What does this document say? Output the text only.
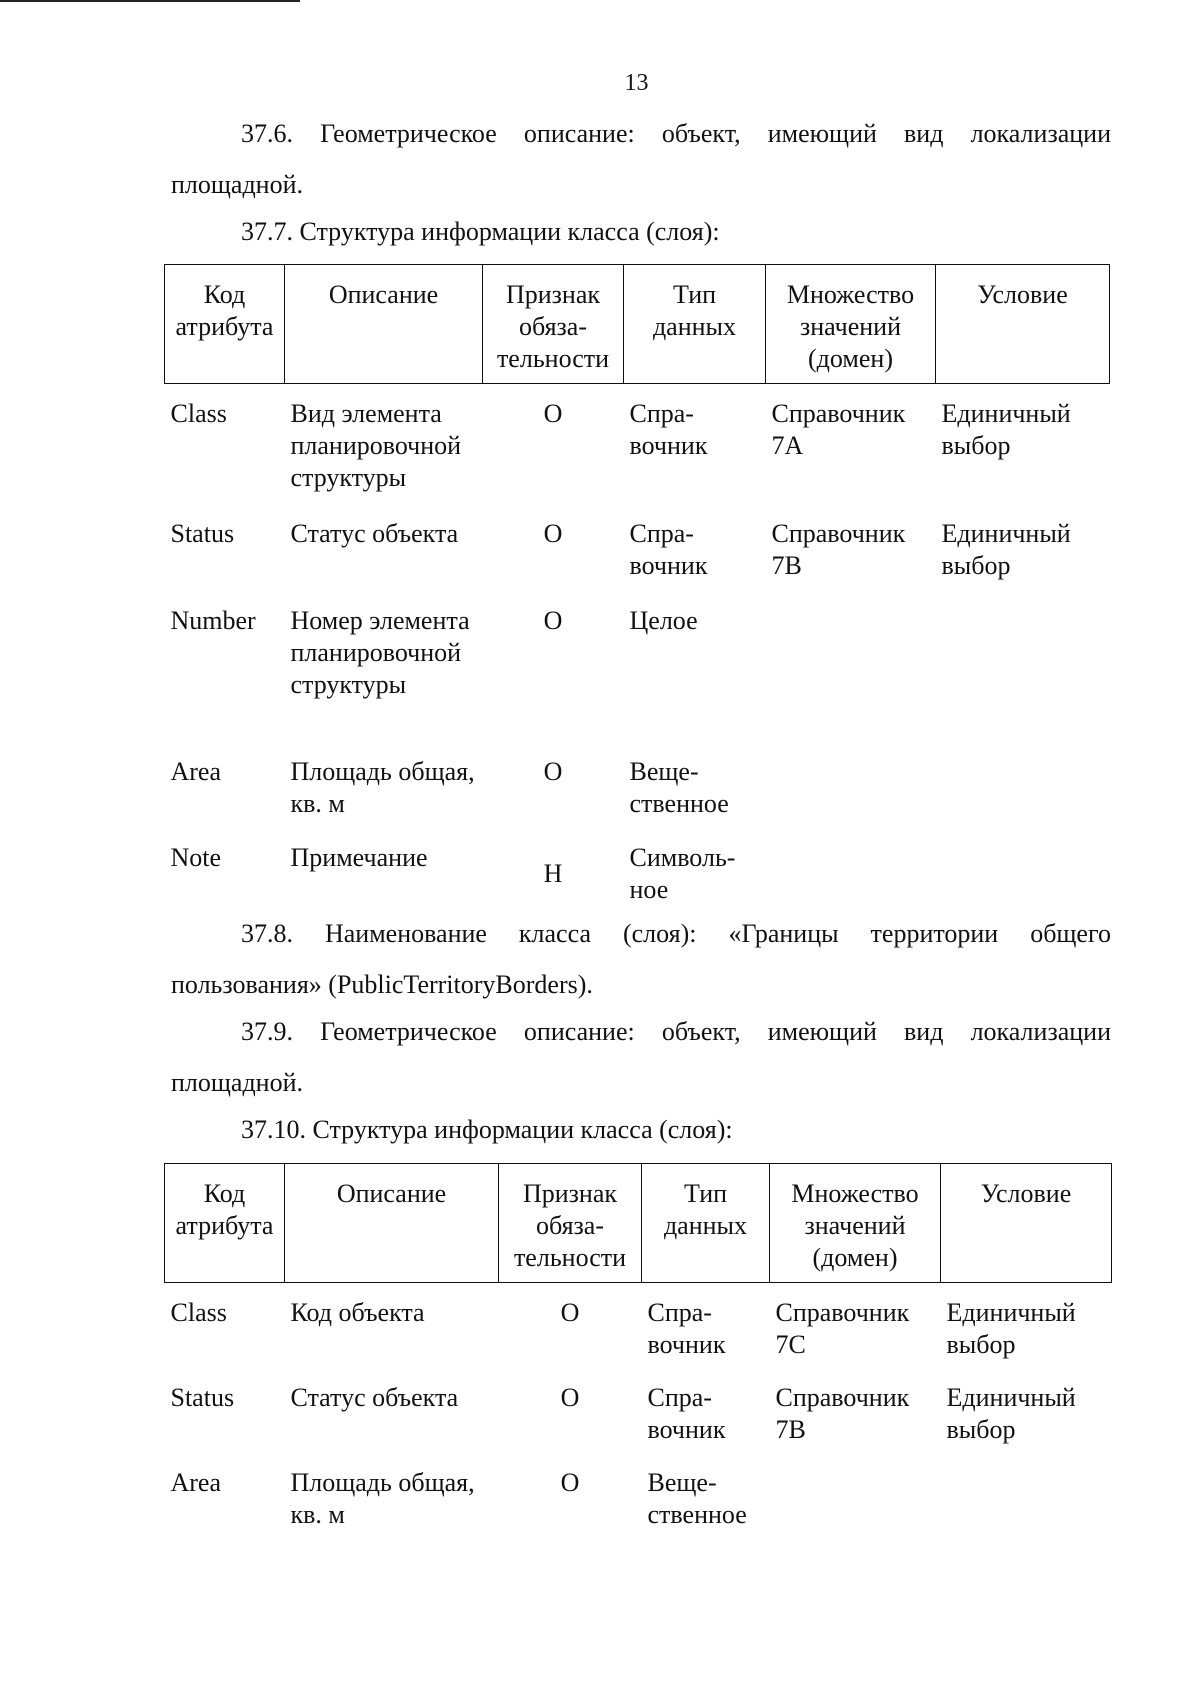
13

37.6. Геометрическое описание: объект, имеющий вид локализации площадной.

37.7. Структура информации класса (слоя):

Код атрибута	Описание	Признак обязательности	Тип данных	Множество значений (домен)	Условие

Class	Вид элемента планировочной структуры	О	Справочник	Справочник 7А	Единичный выбор
Status	Статус объекта	О	Справочник	Справочник 7В	Единичный выбор
Number	Номер элемента планировочной структуры	О	Целое		
Area	Площадь общая, кв. м	О	Вещественное		
Note	Примечание	Н	Символьное		

37.8. Наименование класса (слоя): «Границы территории общего пользования» (PublicTerritoryBorders).

37.9. Геометрическое описание: объект, имеющий вид локализации площадной.

37.10. Структура информации класса (слоя):

Код атрибута	Описание	Признак обязательности	Тип данных	Множество значений (домен)	Условие

Class	Код объекта	О	Справочник	Справочник 7С	Единичный выбор
Status	Статус объекта	О	Справочник	Справочник 7В	Единичный выбор
Area	Площадь общая, кв. м	О	Вещественное		
